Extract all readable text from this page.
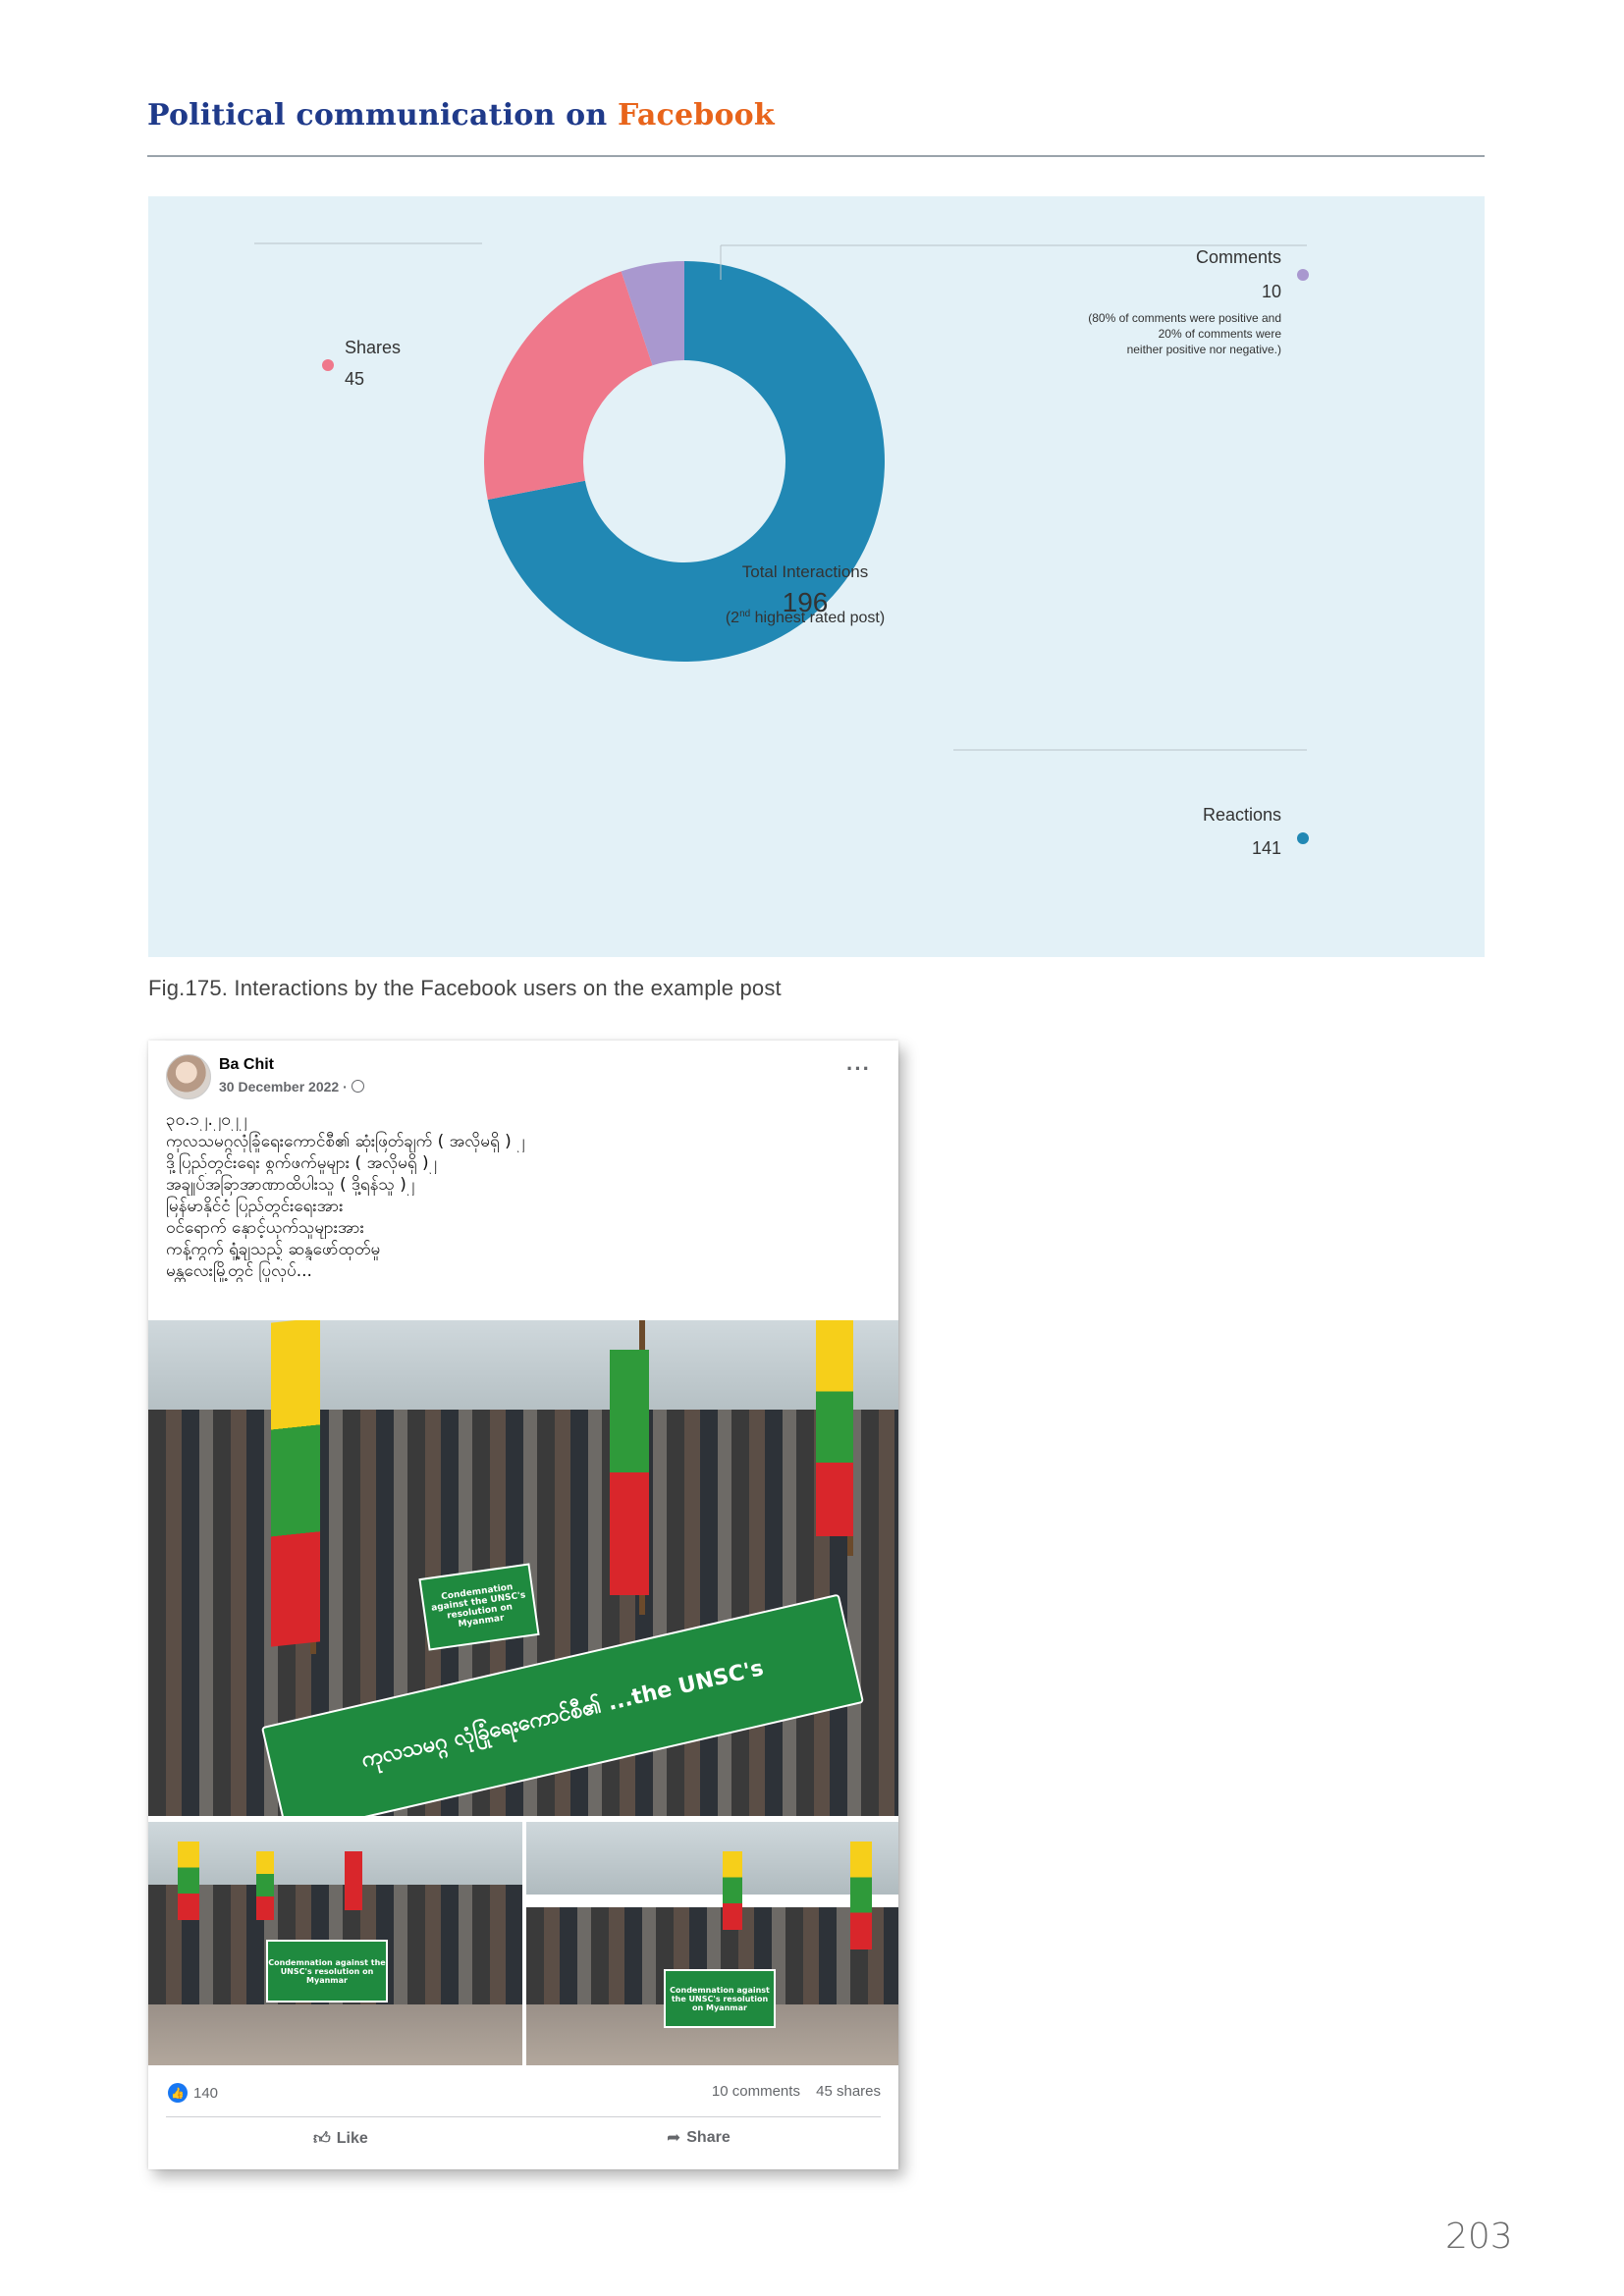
Political communication on Facebook
Total Interactions
196
(2nd highest rated post)
Shares
45
Comments
10
(80% of comments were positive and
20% of comments were
neither positive nor negative.)
Reactions
141
Fig.175. Interactions by the Facebook users on the example post
Ba Chit
30 December 2022 ·
···
၃၀.၁၂.၂၀၂၂
ကုလသမဂ္ဂလုံခြုံရေးကောင်စီ၏ ဆုံးဖြတ်ချက် ( အလိုမရှိ ) ၂
ဒို့ပြည်တွင်းရေး စွက်ဖက်မှုများ ( အလိုမရှိ )၂
အချုပ်အခြာအာဏာထိပါးသူ ( ဒို့ရန်သူ )၂
မြန်မာနိုင်ငံ ပြည်တွင်းရေးအား
ဝင်ရောက် နှောင့်ယှက်သူများအား
ကန့်ကွက် ရှုံ့ချသည့် ဆန္ဒဖော်ထုတ်မှု
မန္တလေးမြို့တွင် ပြုလုပ်...
ကုလသမဂ္ဂ လုံခြုံရေးကောင်စီ၏ ...the UNSC's
Condemnation against the UNSC's resolution on Myanmar
Condemnation against the UNSC's resolution on Myanmar
Condemnation against the UNSC's resolution on Myanmar
👍 140	10 comments 45 shares
👍︎ Like	➦ Share
203
